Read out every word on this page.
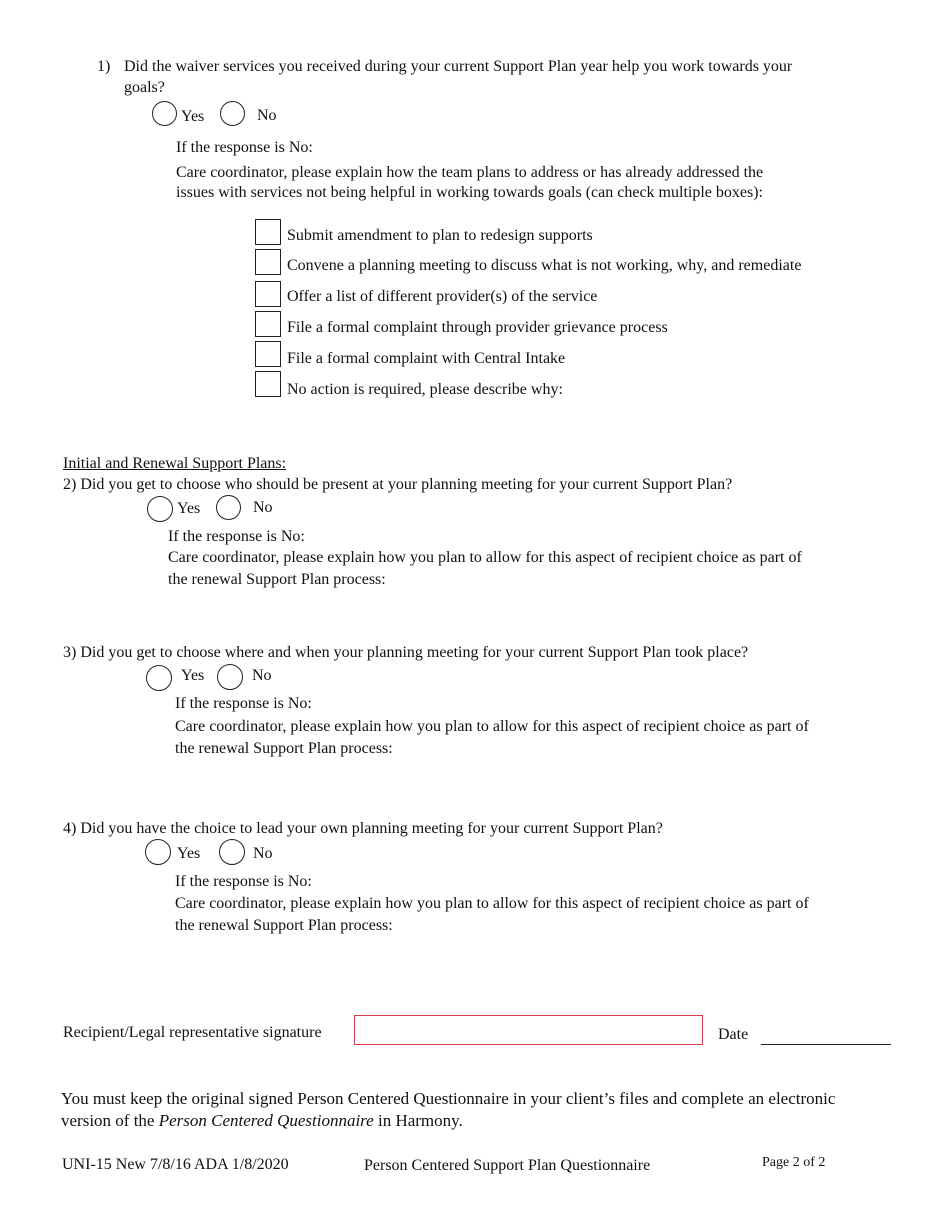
1) Did the waiver services you received during your current Support Plan year help you work towards your
goals?
Yes	No
If the response is No:
Care coordinator, please explain how the team plans to address or has already addressed the
issues with services not being helpful in working towards goals (can check multiple boxes):
Submit amendment to plan to redesign supports
Convene a planning meeting to discuss what is not working, why, and remediate
Offer a list of different provider(s) of the service
File a formal complaint through provider grievance process
File a formal complaint with Central Intake
No action is required, please describe why:
Initial and Renewal Support Plans:
2) Did you get to choose who should be present at your planning meeting for your current Support Plan?
Yes	No
If the response is No:
Care coordinator, please explain how you plan to allow for this aspect of recipient choice as part of
the renewal Support Plan process:
3) Did you get to choose where and when your planning meeting for your current Support Plan took place?
Yes	No
If the response is No:
Care coordinator, please explain how you plan to allow for this aspect of recipient choice as part of
the renewal Support Plan process:
4) Did you have the choice to lead your own planning meeting for your current Support Plan?
Yes	No
If the response is No:
Care coordinator, please explain how you plan to allow for this aspect of recipient choice as part of
the renewal Support Plan process:
Recipient/Legal representative signature	Date
You must keep the original signed Person Centered Questionnaire in your client’s files and complete an electronic
version of the Person Centered Questionnaire in Harmony.
UNI-15 New 7/8/16 ADA 1/8/2020	Person Centered Support Plan Questionnaire	Page 2 of 2
